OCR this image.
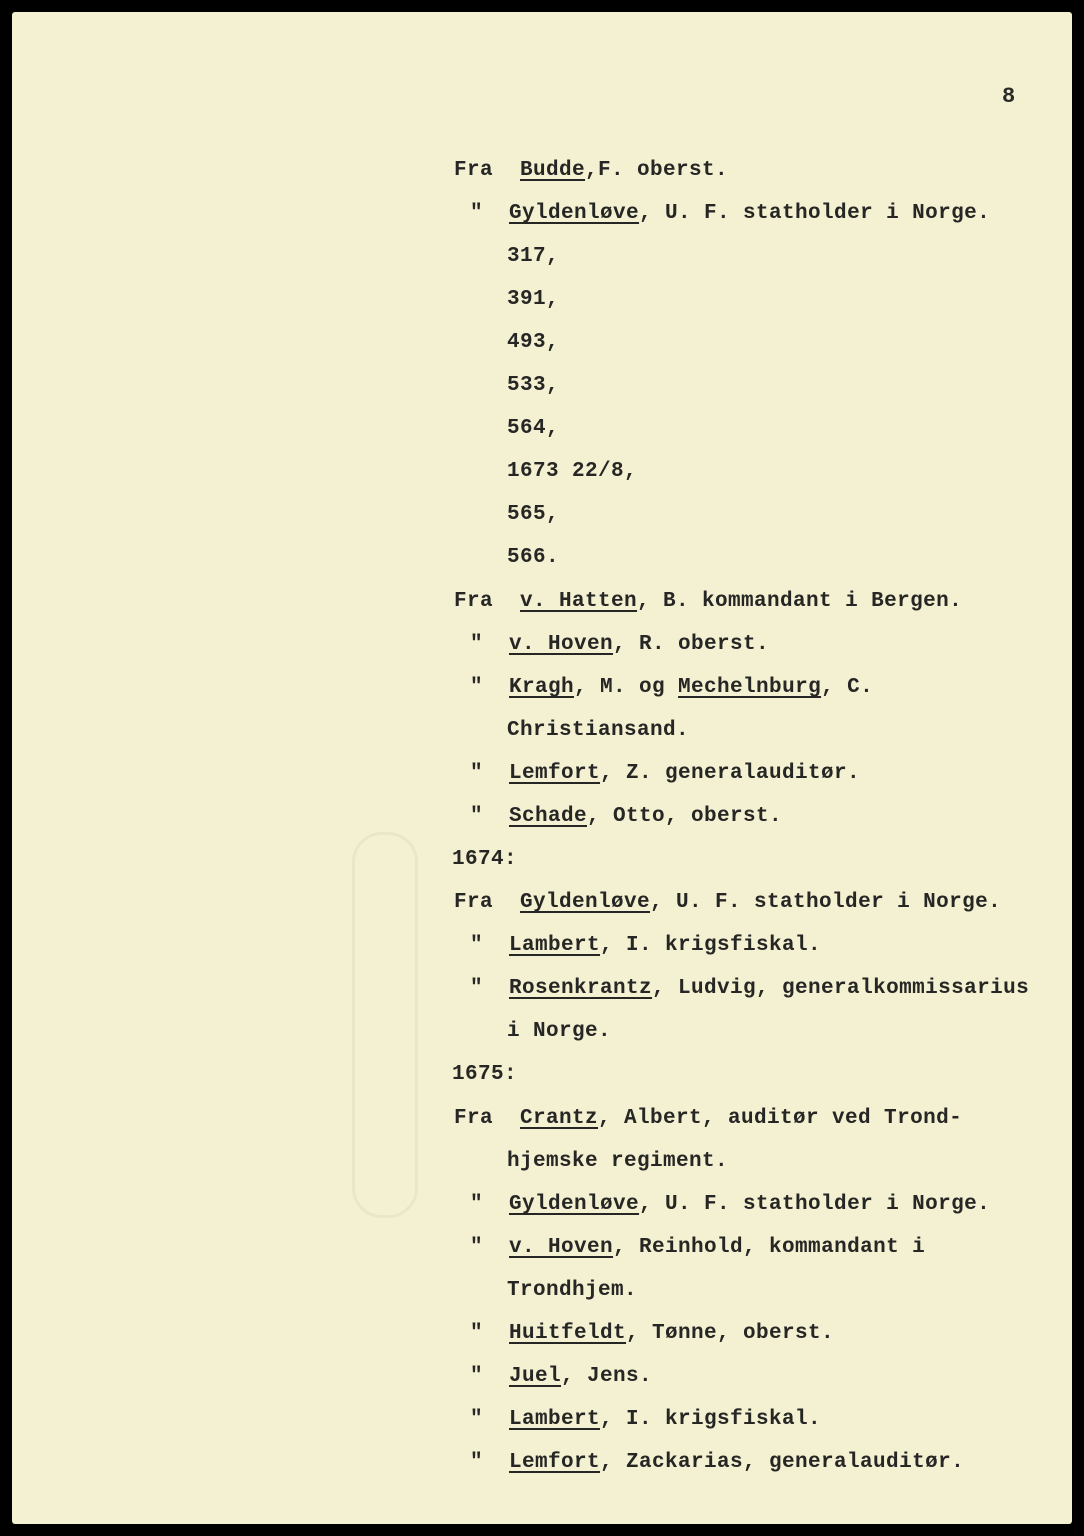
8
Fra Budde,F. oberst.
" Gyldenløve, U. F. statholder i Norge.
317,
391,
493,
533,
564,
1673 22/8,
565,
566.
Fra v. Hatten, B. kommandant i Bergen.
" v. Hoven, R. oberst.
" Kragh, M. og Mechelnburg, C.
Christiansand.
" Lemfort, Z. generalauditør.
" Schade, Otto, oberst.
1674:
Fra Gyldenløve, U. F. statholder i Norge.
" Lambert, I. krigsfiskal.
" Rosenkrantz, Ludvig, generalkommissarius
i Norge.
1675:
Fra Crantz, Albert, auditør ved Trond-
hjemske regiment.
" Gyldenløve, U. F. statholder i Norge.
" v. Hoven, Reinhold, kommandant i
Trondhjem.
" Huitfeldt, Tønne, oberst.
" Juel, Jens.
" Lambert, I. krigsfiskal.
" Lemfort, Zackarias, generalauditør.
